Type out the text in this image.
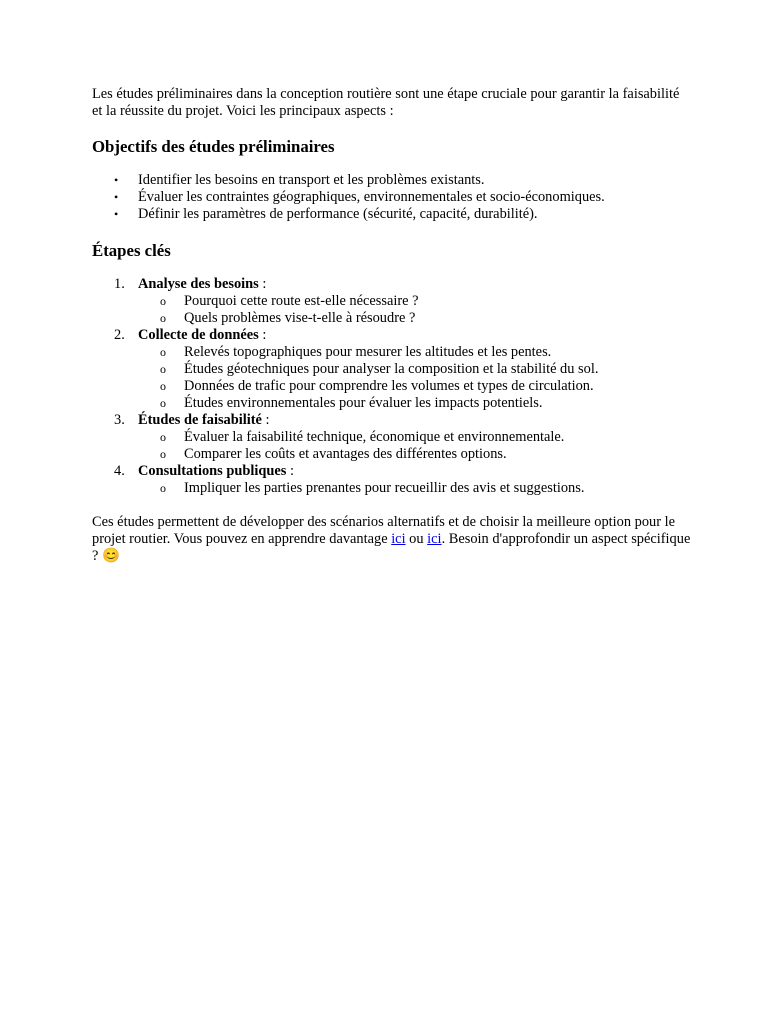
Les études préliminaires dans la conception routière sont une étape cruciale pour garantir la faisabilité et la réussite du projet. Voici les principaux aspects :

Objectifs des études préliminaires
• Identifier les besoins en transport et les problèmes existants.
• Évaluer les contraintes géographiques, environnementales et socio-économiques.
• Définir les paramètres de performance (sécurité, capacité, durabilité).
Étapes clés
1. Analyse des besoins :
o Pourquoi cette route est-elle nécessaire ?
o Quels problèmes vise-t-elle à résoudre ?
2. Collecte de données :
o Relevés topographiques pour mesurer les altitudes et les pentes.
o Études géotechniques pour analyser la composition et la stabilité du sol.
o Données de trafic pour comprendre les volumes et types de circulation.
o Études environnementales pour évaluer les impacts potentiels.
3. Études de faisabilité :
o Évaluer la faisabilité technique, économique et environnementale.
o Comparer les coûts et avantages des différentes options.
4. Consultations publiques :
o Impliquer les parties prenantes pour recueillir des avis et suggestions.

Ces études permettent de développer des scénarios alternatifs et de choisir la meilleure option pour le projet routier. Vous pouvez en apprendre davantage ici ou ici. Besoin d'approfondir un aspect spécifique ? 😊
